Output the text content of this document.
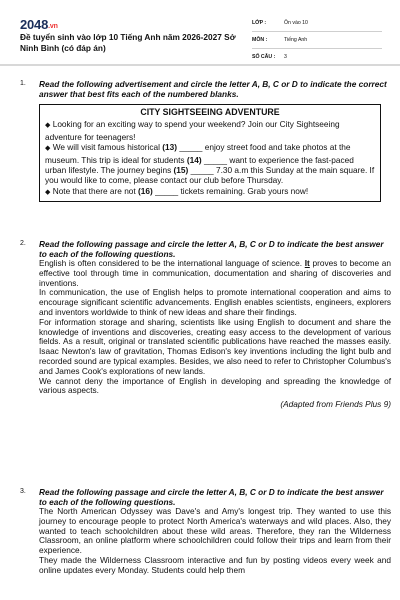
2048.vn
Đề tuyển sinh vào lớp 10 Tiếng Anh năm 2026-2027 Sở Ninh Bình (có đáp án)
LỚP :	Ôn vào 10
MÔN :	Tiếng Anh
SỐ CÂU :	3
1.	Read the following advertisement and circle the letter A, B, C or D to indicate the correct answer that best fits each of the numbered blanks.
CITY SIGHTSEEING ADVENTURE
◆ Looking for an exciting way to spend your weekend? Join our City Sightseeing adventure for teenagers!
◆ We will visit famous historical (13) _____ enjoy street food and take photos at the museum. This trip is ideal for students (14) _____ want to experience the fast-paced urban lifestyle. The journey begins (15) _____ 7.30 a.m this Sunday at the main square. If you would like to come, please contact our club before Thursday.
◆ Note that there are not (16) _____ tickets remaining. Grab yours now!
2.	Read the following passage and circle the letter A, B, C or D to indicate the best answer to each of the following questions.
English is often considered to be the international language of science. It proves to become an effective tool through time in communication, documentation and sharing of discoveries and inventions.
In communication, the use of English helps to promote international cooperation and aims to encourage significant scientific advancements. English enables scientists, engineers, explorers and inventors worldwide to think of new ideas and share their findings.
For information storage and sharing, scientists like using English to document and share the knowledge of inventions and discoveries, creating easy access to the development of various fields. As a result, original or translated scientific publications have reached the masses easily. Isaac Newton's law of gravitation, Thomas Edison's key inventions including the light bulb and recorded sound are typical examples. Besides, we also need to refer to Christopher Columbus's and James Cook's explorations of new lands.
We cannot deny the importance of English in developing and spreading the knowledge of various aspects.
(Adapted from Friends Plus 9)
3.	Read the following passage and circle the letter A, B, C or D to indicate the best answer to each of the following questions.
The North American Odyssey was Dave's and Amy's longest trip. They wanted to use this journey to encourage people to protect North America's waterways and wild places. Also, they wanted to teach schoolchildren about these wild areas. Therefore, they ran the Wilderness Classroom, an online platform where schoolchildren could follow their trips and learn from their experience.
They made the Wilderness Classroom interactive and fun by posting videos every week and online updates every Monday. Students could help them
